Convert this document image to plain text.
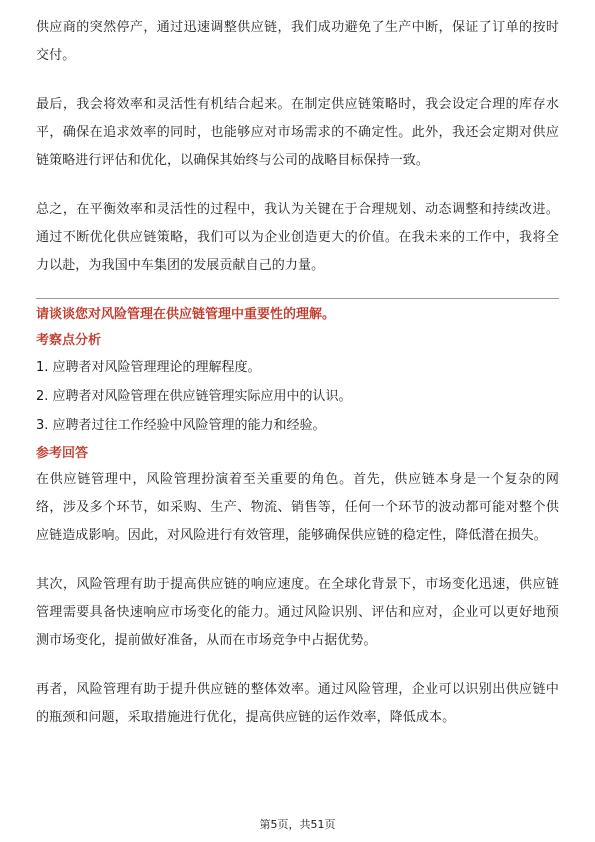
供应商的突然停产，通过迅速调整供应链，我们成功避免了生产中断，保证了订单的按时交付。

最后，我会将效率和灵活性有机结合起来。在制定供应链策略时，我会设定合理的库存水平，确保在追求效率的同时，也能够应对市场需求的不确定性。此外，我还会定期对供应链策略进行评估和优化，以确保其始终与公司的战略目标保持一致。

总之，在平衡效率和灵活性的过程中，我认为关键在于合理规划、动态调整和持续改进。通过不断优化供应链策略，我们可以为企业创造更大的价值。在我未来的工作中，我将全力以赴，为我国中车集团的发展贡献自己的力量。

请谈谈您对风险管理在供应链管理中重要性的理解。

考察点分析

1. 应聘者对风险管理理论的理解程度。

2. 应聘者对风险管理在供应链管理实际应用中的认识。

3. 应聘者过往工作经验中风险管理的能力和经验。

参考回答

在供应链管理中，风险管理扮演着至关重要的角色。首先，供应链本身是一个复杂的网络，涉及多个环节，如采购、生产、物流、销售等，任何一个环节的波动都可能对整个供应链造成影响。因此，对风险进行有效管理，能够确保供应链的稳定性，降低潜在损失。

其次，风险管理有助于提高供应链的响应速度。在全球化背景下，市场变化迅速，供应链管理需要具备快速响应市场变化的能力。通过风险识别、评估和应对，企业可以更好地预测市场变化，提前做好准备，从而在市场竞争中占据优势。

再者，风险管理有助于提升供应链的整体效率。通过风险管理，企业可以识别出供应链中的瓶颈和问题，采取措施进行优化，提高供应链的运作效率，降低成本。

第5页，共51页
